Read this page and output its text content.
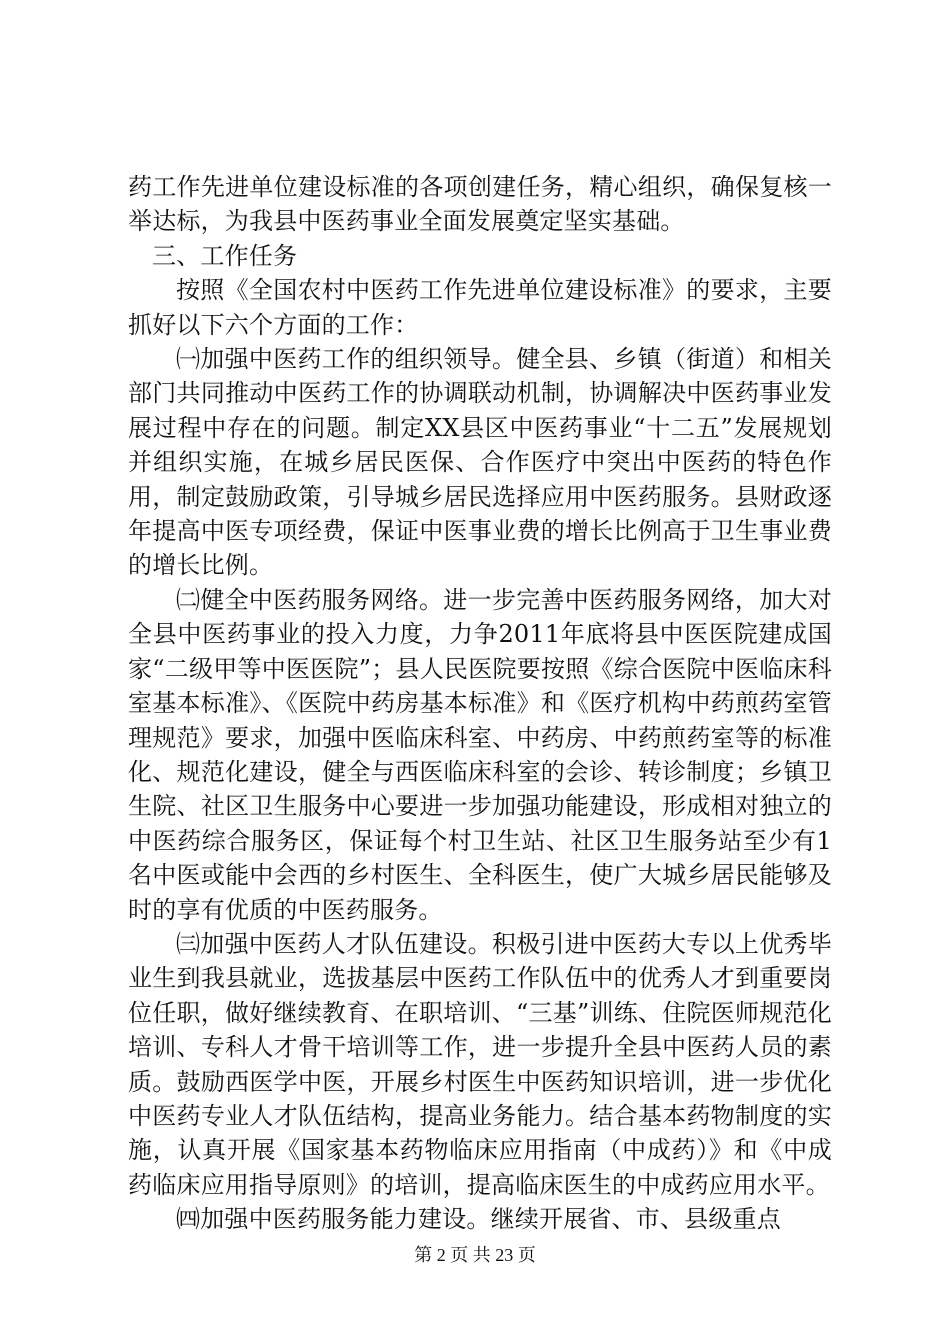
药工作先进单位建设标准的各项创建任务，精心组织，确保复核一举达标，为我县中医药事业全面发展奠定坚实基础。

三、工作任务

按照《全国农村中医药工作先进单位建设标准》的要求，主要抓好以下六个方面的工作：

㈠加强中医药工作的组织领导。健全县、乡镇（街道）和相关部门共同推动中医药工作的协调联动机制，协调解决中医药事业发展过程中存在的问题。制定XX县区中医药事业“十二五”发展规划并组织实施，在城乡居民医保、合作医疗中突出中医药的特色作用，制定鼓励政策，引导城乡居民选择应用中医药服务。县财政逐年提高中医专项经费，保证中医事业费的增长比例高于卫生事业费的增长比例。

㈡健全中医药服务网络。进一步完善中医药服务网络，加大对全县中医药事业的投入力度，力争2011年底将县中医医院建成国家“二级甲等中医医院”；县人民医院要按照《综合医院中医临床科室基本标准》、《医院中药房基本标准》和《医疗机构中药煎药室管理规范》要求，加强中医临床科室、中药房、中药煎药室等的标准化、规范化建设，健全与西医临床科室的会诊、转诊制度；乡镇卫生院、社区卫生服务中心要进一步加强功能建设，形成相对独立的中医药综合服务区，保证每个村卫生站、社区卫生服务站至少有1名中医或能中会西的乡村医生、全科医生，使广大城乡居民能够及时的享有优质的中医药服务。

㈢加强中医药人才队伍建设。积极引进中医药大专以上优秀毕业生到我县就业，选拔基层中医药工作队伍中的优秀人才到重要岗位任职，做好继续教育、在职培训、“三基”训练、住院医师规范化培训、专科人才骨干培训等工作，进一步提升全县中医药人员的素质。鼓励西医学中医，开展乡村医生中医药知识培训，进一步优化中医药专业人才队伍结构，提高业务能力。结合基本药物制度的实施，认真开展《国家基本药物临床应用指南（中成药）》和《中成药临床应用指导原则》的培训，提高临床医生的中成药应用水平。

㈣加强中医药服务能力建设。继续开展省、市、县级重点

第 2 页 共 23 页
